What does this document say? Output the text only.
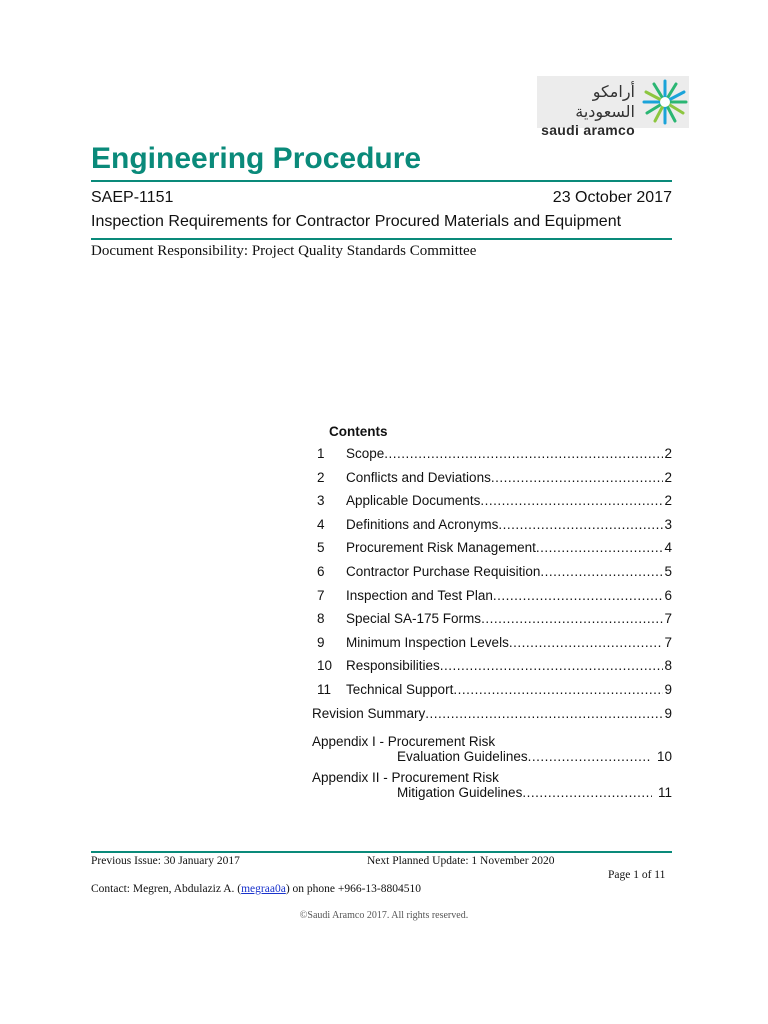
أرامكو السعودية
saudi aramco
Engineering Procedure
SAEP-1151	23 October 2017
Inspection Requirements for Contractor Procured Materials and Equipment
Document Responsibility: Project Quality Standards Committee
Contents
1	Scope .....	2
2	Conflicts and Deviations .....	2
3	Applicable Documents .....	2
4	Definitions and Acronyms .....	3
5	Procurement Risk Management .....	4
6	Contractor Purchase Requisition .....	5
7	Inspection and Test Plan .....	6
8	Special SA-175 Forms .....	7
9	Minimum Inspection Levels .....	7
10	Responsibilities .....	8
11	Technical Support .....	9
Revision Summary .....	9
Appendix I - Procurement Risk
Evaluation Guidelines .....	10
Appendix II - Procurement Risk
Mitigation Guidelines .....	11
Previous Issue: 30 January 2017	Next Planned Update: 1 November 2020
Page 1 of 11
Contact: Megren, Abdulaziz A. (megraa0a) on phone +966-13-8804510
©Saudi Aramco 2017. All rights reserved.
